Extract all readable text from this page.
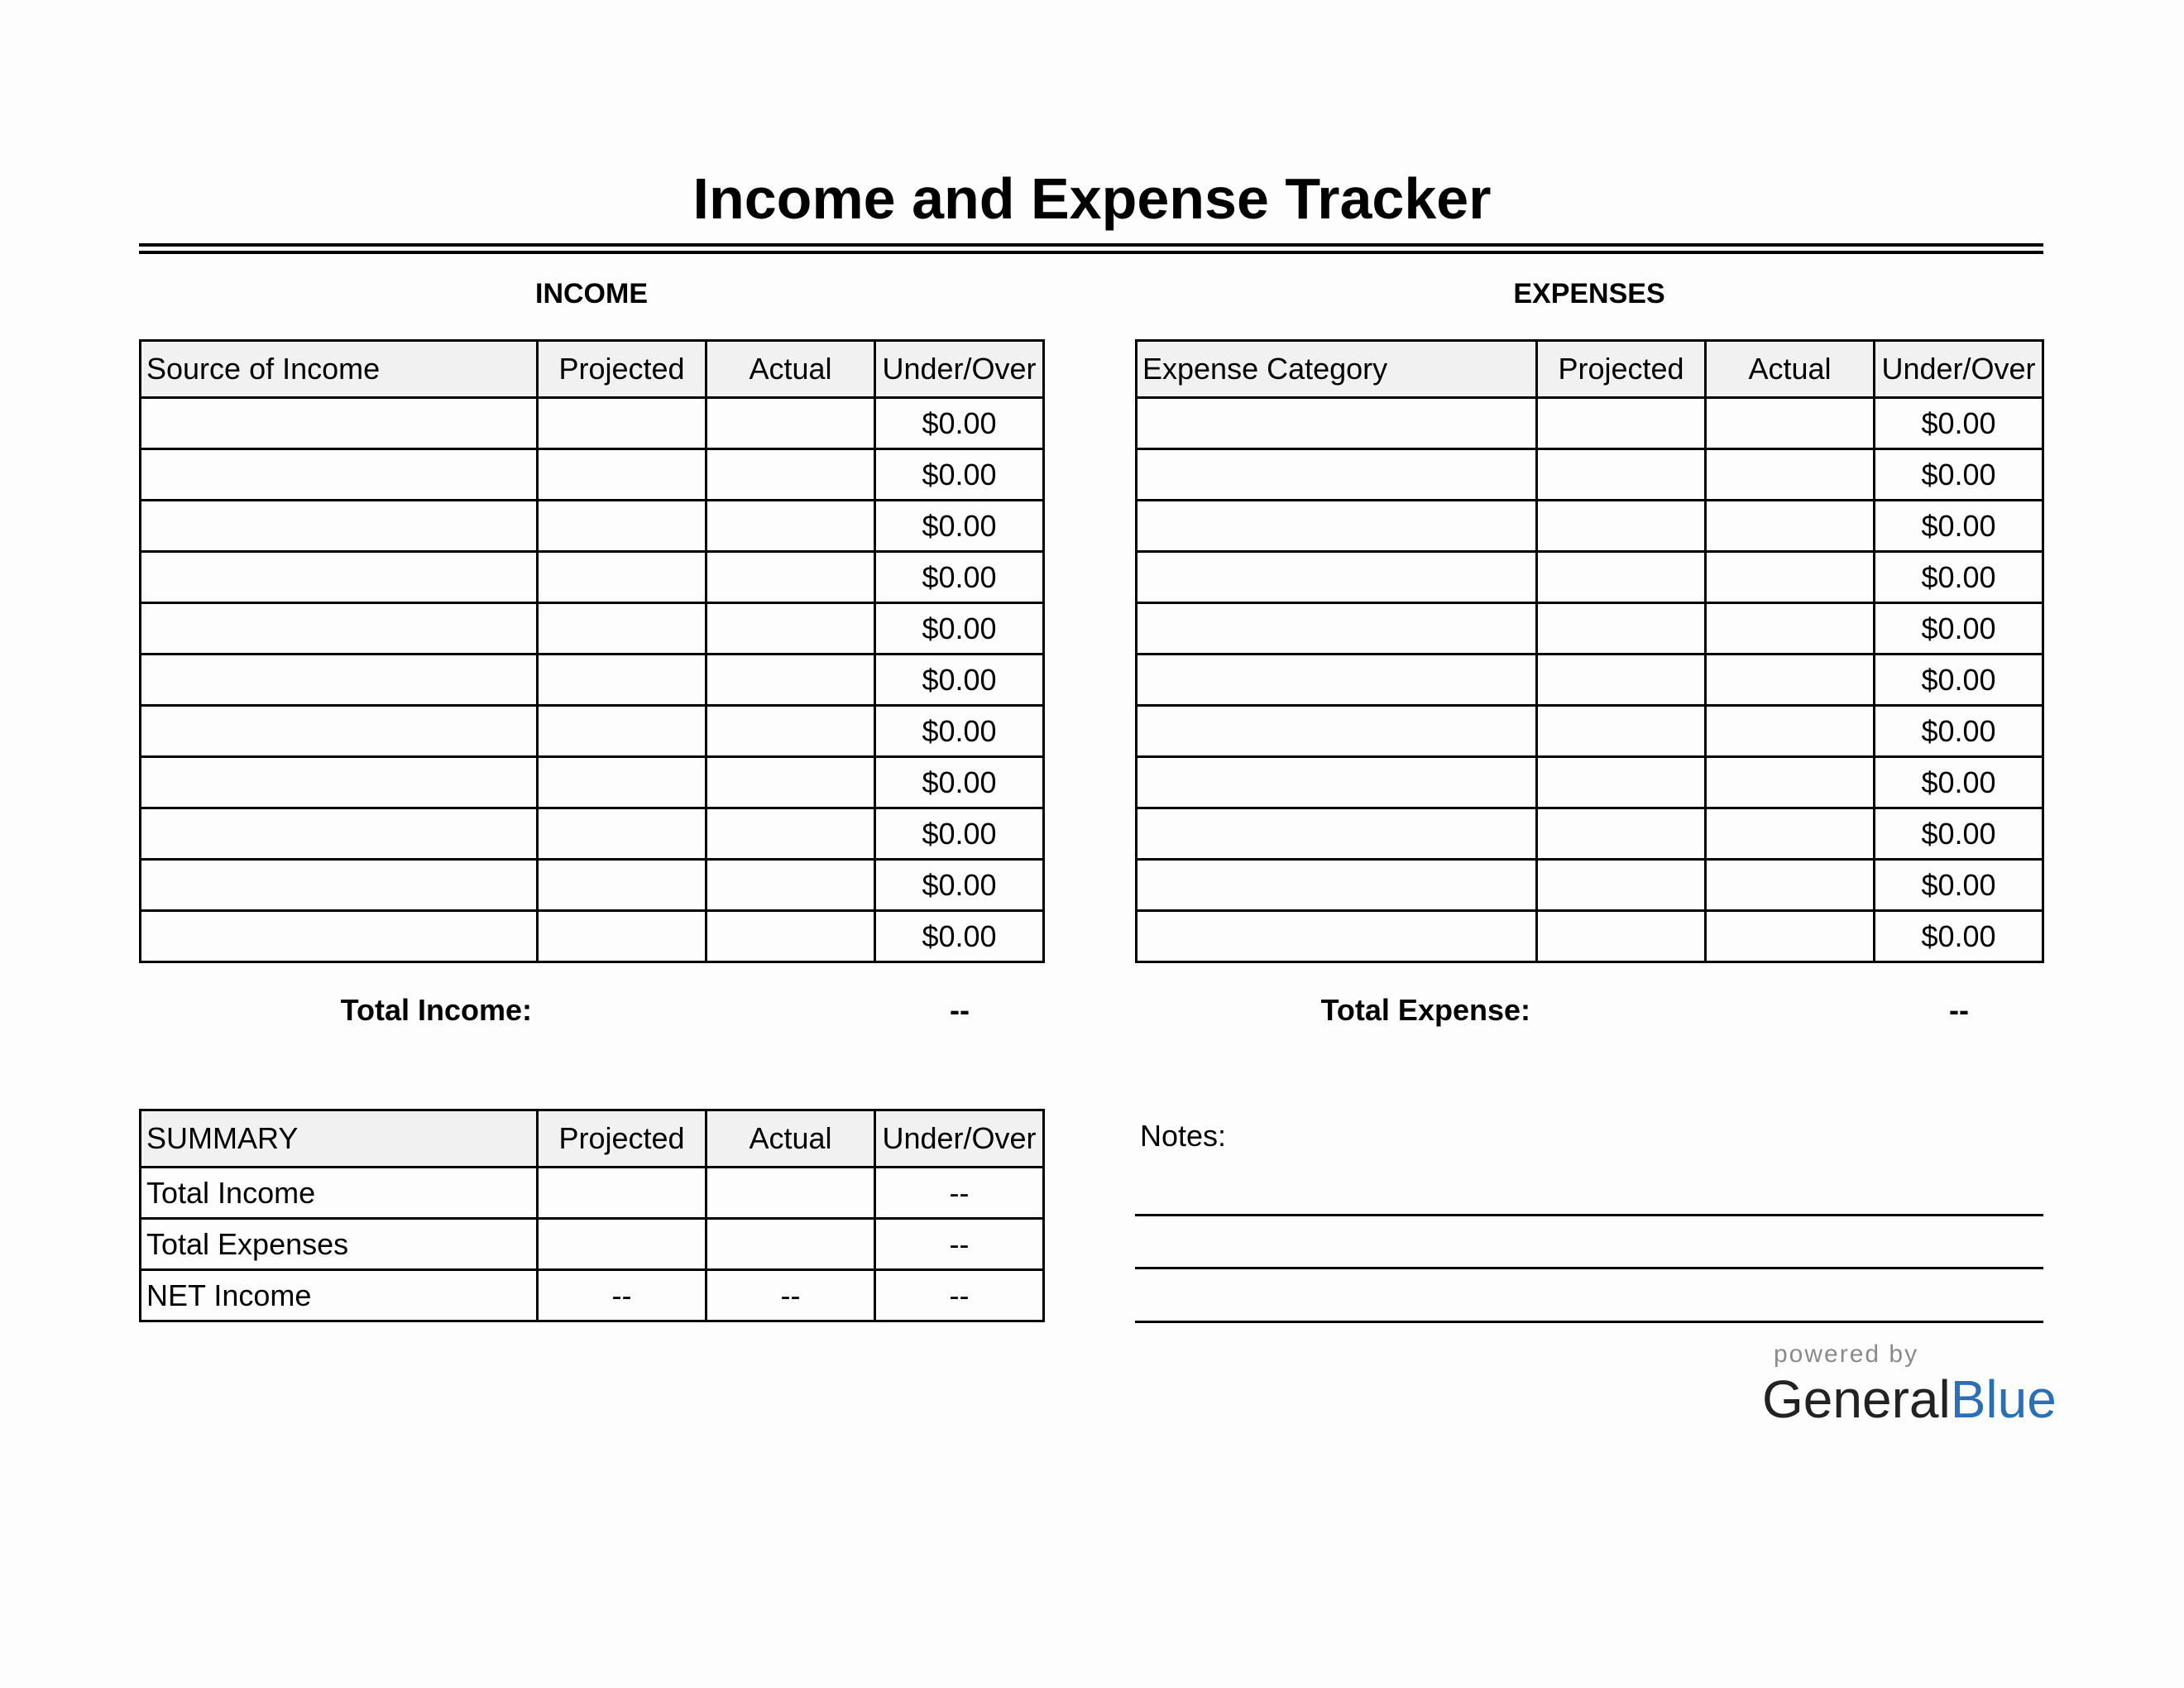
Income and Expense Tracker
INCOME	EXPENSES
Source of Income	Projected	Actual	Under/Over
			$0.00
			$0.00
			$0.00
			$0.00
			$0.00
			$0.00
			$0.00
			$0.00
			$0.00
			$0.00
			$0.00
Expense Category	Projected	Actual	Under/Over
			$0.00
			$0.00
			$0.00
			$0.00
			$0.00
			$0.00
			$0.00
			$0.00
			$0.00
			$0.00
			$0.00
Total Income:	--	Total Expense:	--
SUMMARY	Projected	Actual	Under/Over
Total Income			--
Total Expenses			--
NET Income	--	--	--
Notes:
powered by
GeneralBlue
